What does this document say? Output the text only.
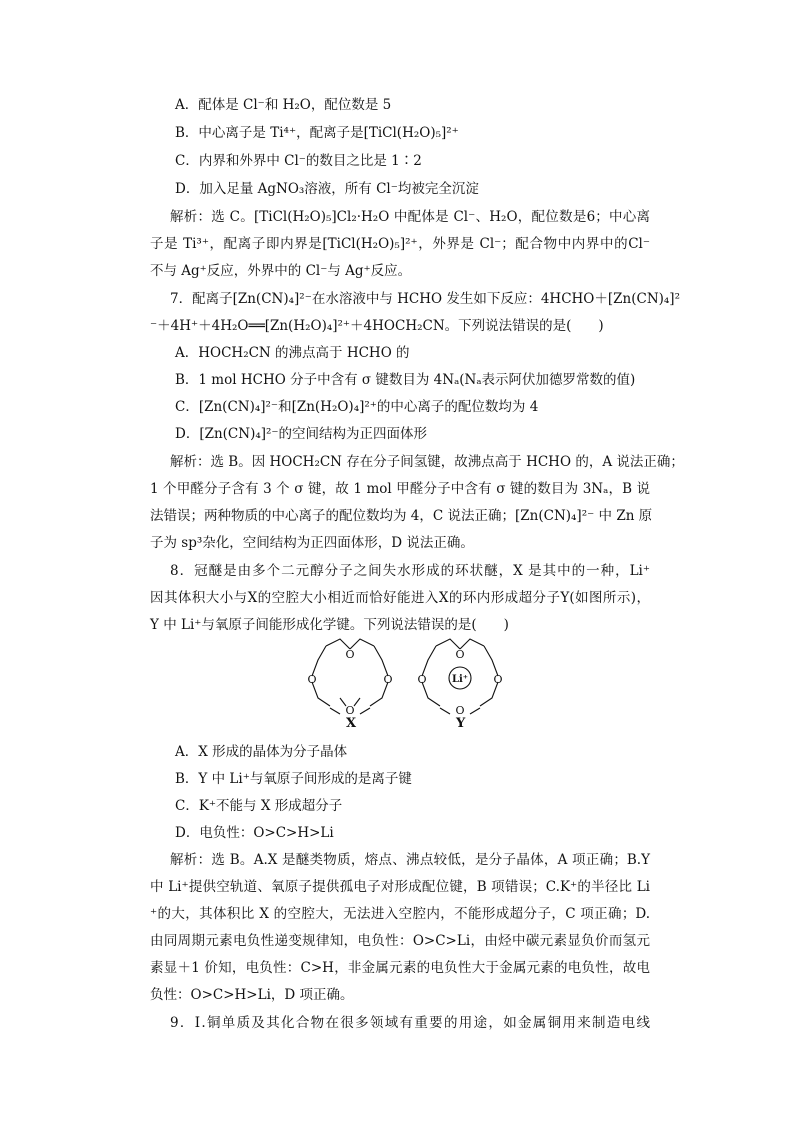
A．配体是 Cl⁻和 H₂O，配位数是 5
B．中心离子是 Ti⁴⁺，配离子是[TiCl(H₂O)₅]²⁺
C．内界和外界中 Cl⁻的数目之比是 1∶2
D．加入足量 AgNO₃溶液，所有 Cl⁻均被完全沉淀
解析：选 C。[TiCl(H₂O)₅]Cl₂·H₂O 中配体是 Cl⁻、H₂O，配位数是6；中心离
子是 Ti³⁺，配离子即内界是[TiCl(H₂O)₅]²⁺，外界是 Cl⁻；配合物中内界中的Cl⁻
不与 Ag⁺反应，外界中的 Cl⁻与 Ag⁺反应。
7．配离子[Zn(CN)₄]²⁻在水溶液中与 HCHO 发生如下反应：4HCHO＋[Zn(CN)₄]²
⁻＋4H⁺＋4H₂O══[Zn(H₂O)₄]²⁺＋4HOCH₂CN。下列说法错误的是(　　)
A．HOCH₂CN 的沸点高于 HCHO 的
B．1 mol HCHO 分子中含有 σ 键数目为 4Nₐ(Nₐ表示阿伏加德罗常数的值)
C．[Zn(CN)₄]²⁻和[Zn(H₂O)₄]²⁺的中心离子的配位数均为 4
D．[Zn(CN)₄]²⁻的空间结构为正四面体形
解析：选 B。因 HOCH₂CN 存在分子间氢键，故沸点高于 HCHO 的，A 说法正确；
1 个甲醛分子含有 3 个 σ 键，故 1 mol 甲醛分子中含有 σ 键的数目为 3Nₐ，B 说
法错误；两种物质的中心离子的配位数均为 4，C 说法正确；[Zn(CN)₄]²⁻ 中 Zn 原
子为 sp³杂化，空间结构为正四面体形，D 说法正确。
8．冠醚是由多个二元醇分子之间失水形成的环状醚，X 是其中的一种，Li⁺
因其体积大小与X的空腔大小相近而恰好能进入X的环内形成超分子Y(如图所示)，
Y 中 Li⁺与氧原子间能形成化学键。下列说法错误的是(　　)
O
O	O
O
O
O	O
O
Li⁺
X	Y
A．X 形成的晶体为分子晶体
B．Y 中 Li⁺与氧原子间形成的是离子键
C．K⁺不能与 X 形成超分子
D．电负性：O>C>H>Li
解析：选 B。A.X 是醚类物质，熔点、沸点较低，是分子晶体，A 项正确；B.Y
中 Li⁺提供空轨道、氧原子提供孤电子对形成配位键，B 项错误；C.K⁺的半径比 Li
⁺的大，其体积比 X 的空腔大，无法进入空腔内，不能形成超分子，C 项正确；D.
由同周期元素电负性递变规律知，电负性：O>C>Li，由烃中碳元素显负价而氢元
素显＋1 价知，电负性：C>H，非金属元素的电负性大于金属元素的电负性，故电
负性：O>C>H>Li，D 项正确。
9．Ⅰ.铜单质及其化合物在很多领域有重要的用途，如金属铜用来制造电线
